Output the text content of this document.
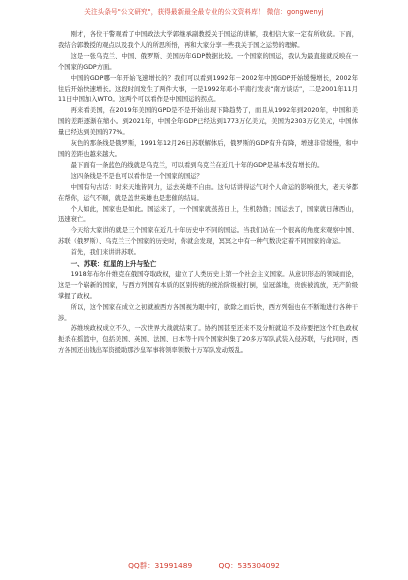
关注头条号"公文研究"，获得最新最全最专业的公文资料库！ 微信：gongwenyj

刚才，各位干警观看了中国政法大学郭继承副教授关于国运的讲解，我相信大家一定有所收获。下面，我结合郭教授的观点以及我个人的所思所悟，再和大家分享一些我关于国之运势的理解。

这是一张乌克兰、中国、俄罗斯、美国历年GDP数据比较。一个国家的国运，我认为最直接就反映在一个国家的GDP方面。

中国的GDP哪一年开始飞速增长的？我们可以看到1992年－2002年中国GDP开始缓慢增长，2002年往后开始快速增长。这段时间发生了两件大事，一是1992年邓小平南行发表“南方谈话”，二是2001年11月11日中国加入WTO。这两个可以看作是中国国运的拐点。

再来看美国，在2019年美国的GPD是不是开始出现下降趋势了，而且从1992年到2020年，中国和美国的差距逐渐在缩小。到2021年，中国全年GDP已经达到1773万亿美元，美国为2303万亿美元，中国体量已经达到美国的77%。

灰色的那条线是俄罗斯，1991年12月26日苏联解体后，俄罗斯的GDP有升有降，增速非常缓慢，和中国的差距也越来越大。

最下面有一条蓝色的线就是乌克兰，可以看到乌克兰在近几十年的GDP是基本没有增长的。

这四条线是不是也可以看作是一个国家的国运？

中国有句古话：时来天地皆同力，运去英雄不自由。这句话讲得运气对个人命运的影响很大，老天爷都在帮你，运气不顺，就是盖世英雄也是悲催的结局。

个人如此，国家也是如此。国运来了，一个国家就蒸蒸日上，生机勃勃；国运去了，国家就日薄西山，迅速衰亡。

今天给大家讲的就是三个国家在近几十年历史中不同的国运。当我们站在一个很高的角度来观察中国、苏联（俄罗斯）、乌克兰三个国家的历史时，你就会发现，冥冥之中有一种气数决定着不同国家的命运。

首先，我们来讲讲苏联。

一、苏联：红星的上升与坠亡

1918年布尔什维克在俄国夺取政权，建立了人类历史上第一个社会主义国家。从意识形态的领域而论，这是一个崭新的国家，与西方列国有本质的区别传统的统治阶级被打倒，皇冠落地，贵族被流放，无产阶级掌握了政权。

所以，这个国家在成立之初就被西方各国视为眼中钉，欲除之而后快，西方列强也在不断地进行各种干涉。

苏维埃政权成立不久，一次世界大战就结束了。协约国甚至还来不及分赃就迫不及待要把这个红色政权扼杀在摇篮中，包括美国、英国、法国、日本等十四个国家纠集了20多万军队武装入侵苏联，与此同时，西方各国还出钱出军资援助那沙皇军事将领率领数十万军队发动叛乱。

QQ群：31991489	QQ：535304092
